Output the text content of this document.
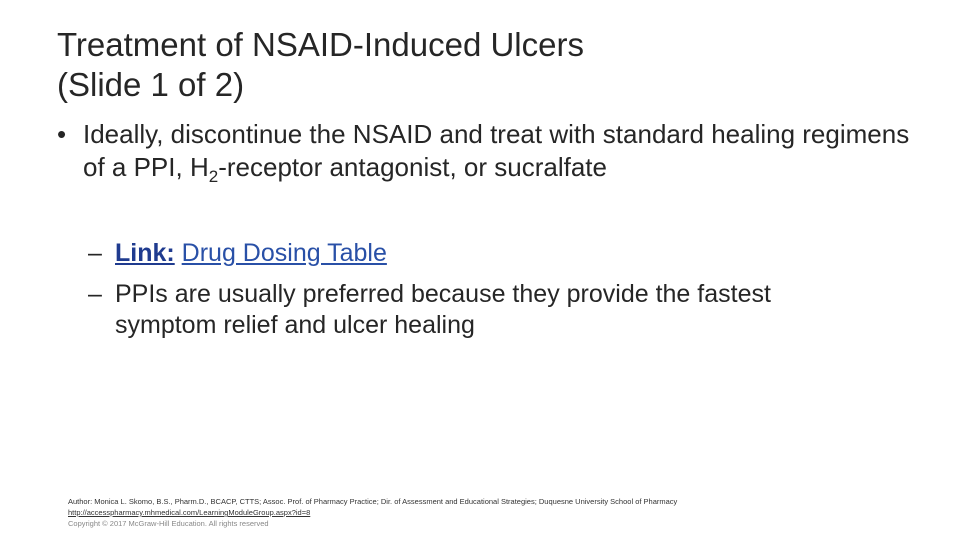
Treatment of NSAID-Induced Ulcers
(Slide 1 of 2)
• Ideally, discontinue the NSAID and treat with standard healing regimens of a PPI, $H_2$-receptor antagonist, or sucralfate
– Link: Drug Dosing Table
– PPIs are usually preferred because they provide the fastest symptom relief and ulcer healing
Author: Monica L. Skomo, B.S., Pharm.D., BCACP, CTTS; Assoc. Prof. of Pharmacy Practice; Dir. of Assessment and Educational Strategies; Duquesne University School of Pharmacy
http://accesspharmacy.mhmedical.com/LearningModuleGroup.aspx?id=8
Copyright © 2017 McGraw-Hill Education. All rights reserved
